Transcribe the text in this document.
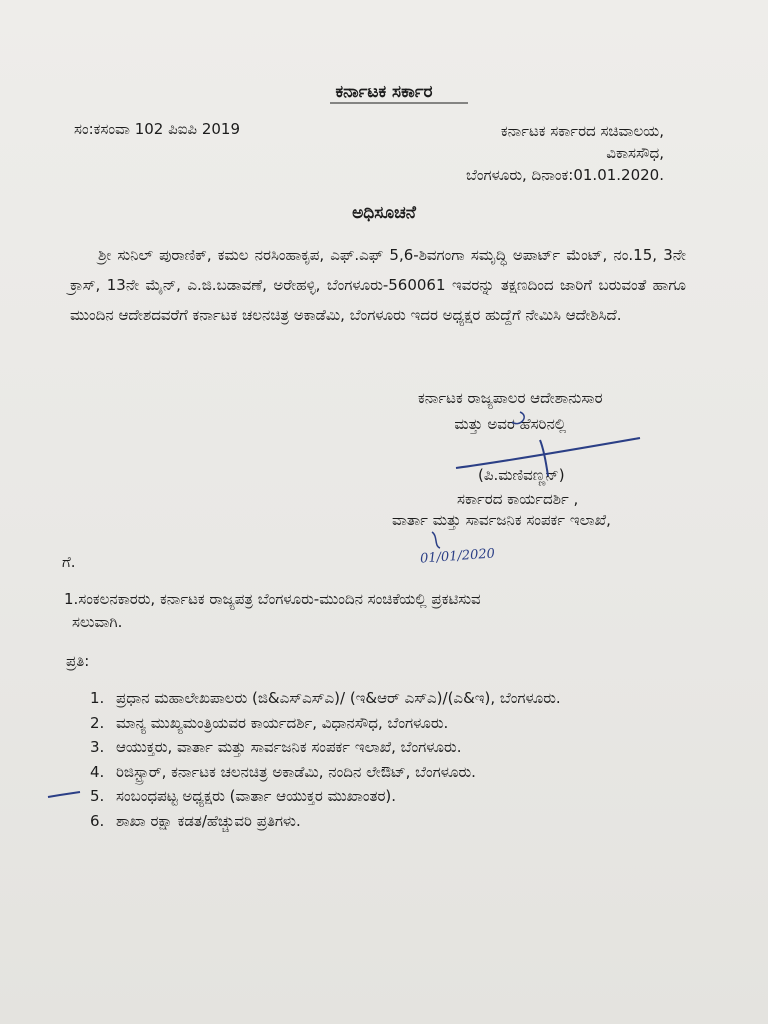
ಕರ್ನಾಟಕ ಸರ್ಕಾರ
ಸಂ:ಕಸಂವಾ 102 ಪಿಐಪಿ 2019	ಕರ್ನಾಟಕ ಸರ್ಕಾರದ ಸಚಿವಾಲಯ,
ವಿಕಾಸಸೌಧ,
ಬೆಂಗಳೂರು, ದಿನಾಂಕ:01.01.2020.
ಅಧಿಸೂಚನೆ
ಶ್ರೀ ಸುನಿಲ್ ಪುರಾಣಿಕ್, ಕಮಲ ನರಸಿಂಹಾಕೃಪ, ಎಫ್.ಎಫ್ 5,6-ಶಿವಗಂಗಾ ಸಮೃದ್ಧಿ ಅಪಾರ್ಟ್ ಮೆಂಟ್, ನಂ.15, 3ನೇ ಕ್ರಾಸ್, 13ನೇ ಮೈನ್, ಎ.ಜಿ.ಬಡಾವಣೆ, ಅರೇಹಳ್ಳಿ, ಬೆಂಗಳೂರು-560061 ಇವರನ್ನು ತಕ್ಷಣದಿಂದ ಜಾರಿಗೆ ಬರುವಂತೆ ಹಾಗೂ ಮುಂದಿನ ಆದೇಶದವರೆಗೆ ಕರ್ನಾಟಕ ಚಲನಚಿತ್ರ ಅಕಾಡೆಮಿ, ಬೆಂಗಳೂರು ಇದರ ಅಧ್ಯಕ್ಷರ ಹುದ್ದೆಗೆ ನೇಮಿಸಿ ಆದೇಶಿಸಿದೆ.
ಕರ್ನಾಟಕ ರಾಜ್ಯಪಾಲರ ಆದೇಶಾನುಸಾರ
ಮತ್ತು ಅವರ ಹೆಸರಿನಲ್ಲಿ
(ಪಿ.ಮಣಿವಣ್ಣನ್)
ಸರ್ಕಾರದ ಕಾರ್ಯದರ್ಶಿ ,
ವಾರ್ತಾ ಮತ್ತು ಸಾರ್ವಜನಿಕ ಸಂಪರ್ಕ ಇಲಾಖೆ,
01/01/2020
ಗೆ.
1.ಸಂಕಲನಕಾರರು, ಕರ್ನಾಟಕ ರಾಜ್ಯಪತ್ರ ಬೆಂಗಳೂರು-ಮುಂದಿನ ಸಂಚಿಕೆಯಲ್ಲಿ ಪ್ರಕಟಿಸುವ
ಸಲುವಾಗಿ.
ಪ್ರತಿ:
1. ಪ್ರಧಾನ ಮಹಾಲೇಖಪಾಲರು (ಜಿ&ಎಸ್ಎಸ್ಎ)/ (ಇ&ಆರ್ ಎಸ್ಎ)/(ಎ&ಇ), ಬೆಂಗಳೂರು.
2. ಮಾನ್ಯ ಮುಖ್ಯಮಂತ್ರಿಯವರ ಕಾರ್ಯದರ್ಶಿ, ವಿಧಾನಸೌಧ, ಬೆಂಗಳೂರು.
3. ಆಯುಕ್ತರು, ವಾರ್ತಾ ಮತ್ತು ಸಾರ್ವಜನಿಕ ಸಂಪರ್ಕ ಇಲಾಖೆ, ಬೆಂಗಳೂರು.
4. ರಿಜಿಸ್ಟ್ರಾರ್, ಕರ್ನಾಟಕ ಚಲನಚಿತ್ರ ಅಕಾಡೆಮಿ, ನಂದಿನ ಲೇಔಟ್, ಬೆಂಗಳೂರು.
5. ಸಂಬಂಧಪಟ್ಟ ಅಧ್ಯಕ್ಷರು (ವಾರ್ತಾ ಆಯುಕ್ತರ ಮುಖಾಂತರ).
6. ಶಾಖಾ ರಕ್ಷಾ ಕಡತ/ಹೆಚ್ಚುವರಿ ಪ್ರತಿಗಳು.
